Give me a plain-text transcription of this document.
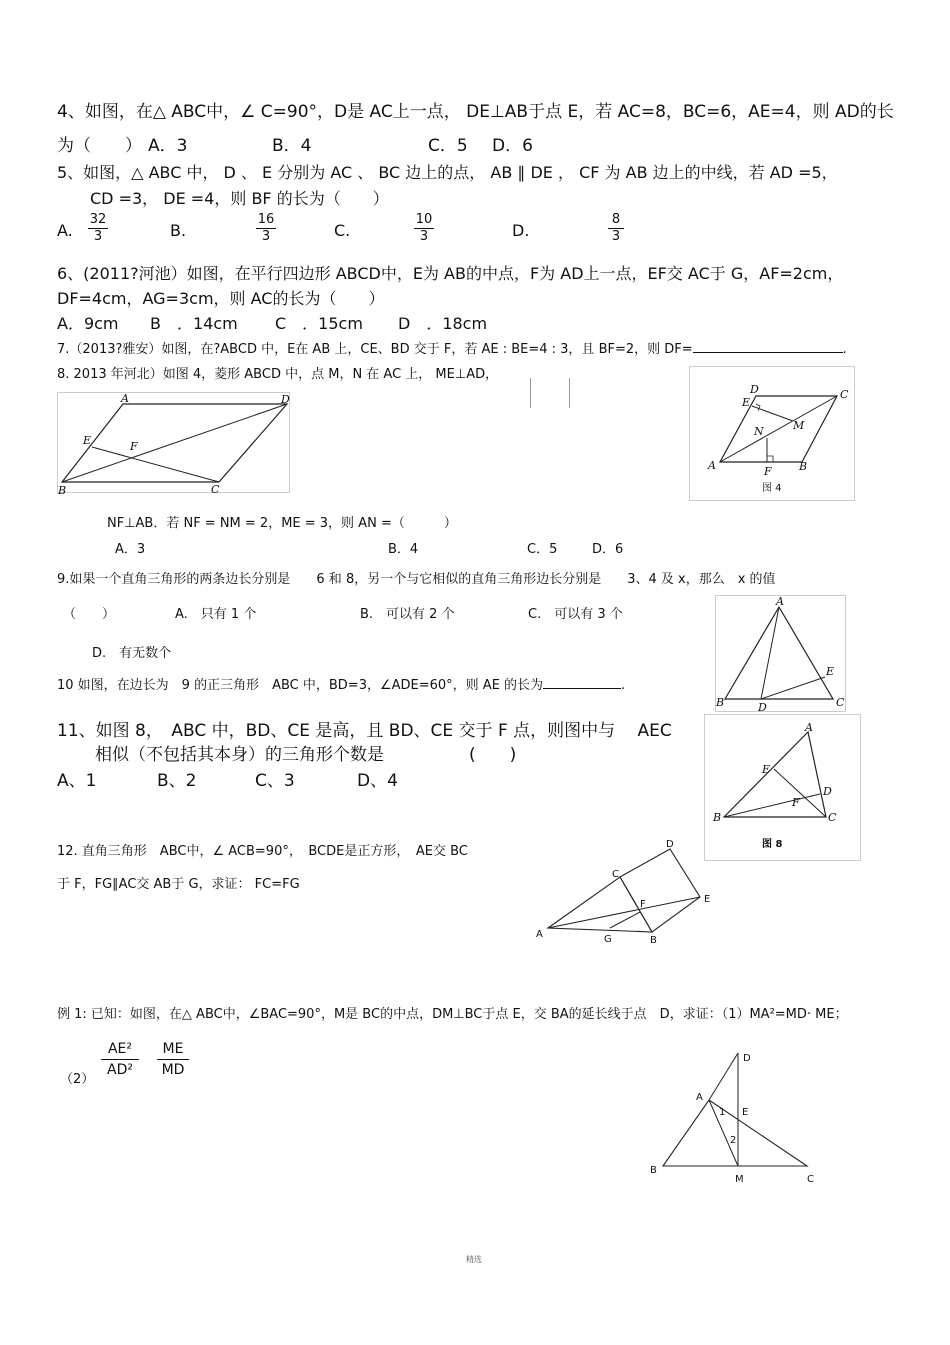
4、如图，在△ ABC中，∠ C=90°，D是 AC上一点， DE⊥AB于点 E，若 AC=8，BC=6，AE=4，则 AD的长
为（　　） A．3	B．4	C．5 D．6
5、如图，△ ABC 中， D 、 E 分别为 AC 、 BC 边上的点， AB ∥ DE ， CF 为 AB 边上的中线，若 AD =5，
CD =3， DE =4，则 BF 的长为（　　）
A. $\frac{32}{3}$	B.	$\frac{16}{3}$	C.	$\frac{10}{3}$	D.	$\frac{8}{3}$
6、(2011?河池）如图，在平行四边形 ABCD中，E为 AB的中点，F为 AD上一点，EF交 AC于 G，AF=2cm，
DF=4cm，AG=3cm，则 AC的长为（　　）
A．9cm B　．14cm C　．15cm D　．18cm
7.（2013?雅安）如图，在?ABCD 中，E在 AB 上，CE、BD 交于 F，若 AE : BE=4 : 3，且 BF=2，则 DF=	.
8. 2013 年河北）如图 4，菱形 ABCD 中，点 M，N 在 AC 上， ME⊥AD，
A	D
B	C
E	F
D	C
E
M
N
A	F B
图 4
NF⊥AB．若 NF = NM = 2，ME = 3，则 AN =（　　　）
A．3	B．4	C．5	D．6
9.如果一个直角三角形的两条边长分别是　　6 和 8，另一个与它相似的直角三角形边长分别是　　3、4 及 x，那么　x 的值
（　　）	A.　只有 1 个	B.　可以有 2 个	C.　可以有 3 个
D.　有无数个
A
B	C
D
E
10 如图，在边长为　9 的正三角形　ABC 中，BD=3，∠ADE=60°，则 AE 的长为	.
11、如图 8，　ABC 中，BD、CE 是高，且 BD、CE 交于 F 点，则图中与　 AEC
相似（不包括其本身）的三角形个数是　　　　　(　　)
A、1	B、2	C、3	D、4
A
E
D
F
B	C
图 8
12. 直角三角形　ABC中，∠ ACB=90°，　BCDE是正方形，　AE交 BC
于 F，FG∥AC交 AB于 G，求证： FC=FG
D
C
E
F
A	G	B
例 1: 已知：如图，在△ ABC中，∠BAC=90°，M是 BC的中点，DM⊥BC于点 E，交 BA的延长线于点　D，求证：（1）MA²=MD· ME；
$(2) \frac{\text{AE²}}{\text{AD²}} \frac{ME}{MD}$	D
A
1 E
2
B
M	C
精选
